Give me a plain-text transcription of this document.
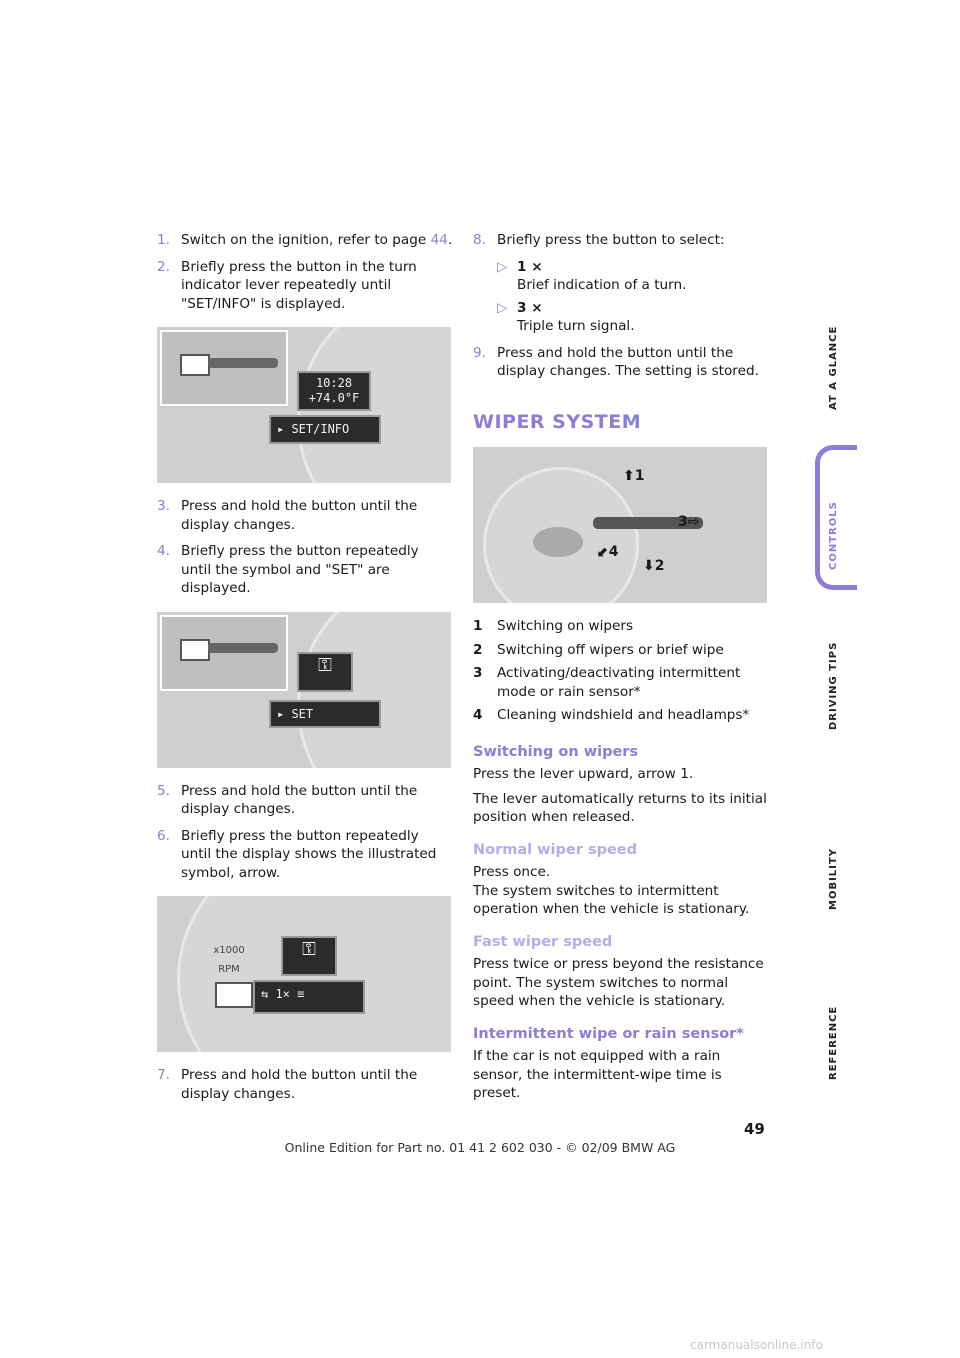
1. Switch on the ignition, refer to page 44.
2. Briefly press the button in the turn indicator lever repeatedly until "SET/INFO" is displayed.
10:28
+74.0°F
▸ SET/INFO
3. Press and hold the button until the display changes.
4. Briefly press the button repeatedly until the symbol and "SET" are displayed.
⚿
▸ SET
5. Press and hold the button until the display changes.
6. Briefly press the button repeatedly until the display shows the illustrated symbol, arrow.
x1000 RPM
⚿
⇆ 1× ≡
7. Press and hold the button until the display changes.
8. Briefly press the button to select:
▷ 1 ×
Brief indication of a turn.
▷ 3 ×
Triple turn signal.
9. Press and hold the button until the display changes. The setting is stored.
WIPER SYSTEM
⬆1
3⇨
⬇2
⬋4
1 Switching on wipers
2 Switching off wipers or brief wipe
3 Activating/deactivating intermittent mode or rain sensor*
4 Cleaning windshield and headlamps*
Switching on wipers

Press the lever upward, arrow 1.

The lever automatically returns to its initial position when released.

Normal wiper speed

Press once.

The system switches to intermittent operation when the vehicle is stationary.

Fast wiper speed

Press twice or press beyond the resistance point. The system switches to normal speed when the vehicle is stationary.

Intermittent wipe or rain sensor*

If the car is not equipped with a rain sensor, the intermittent-wipe time is preset.

AT A GLANCE
CONTROLS
DRIVING TIPS
MOBILITY
REFERENCE
49
Online Edition for Part no. 01 41 2 602 030 - © 02/09 BMW AG
carmanualsonline.info
